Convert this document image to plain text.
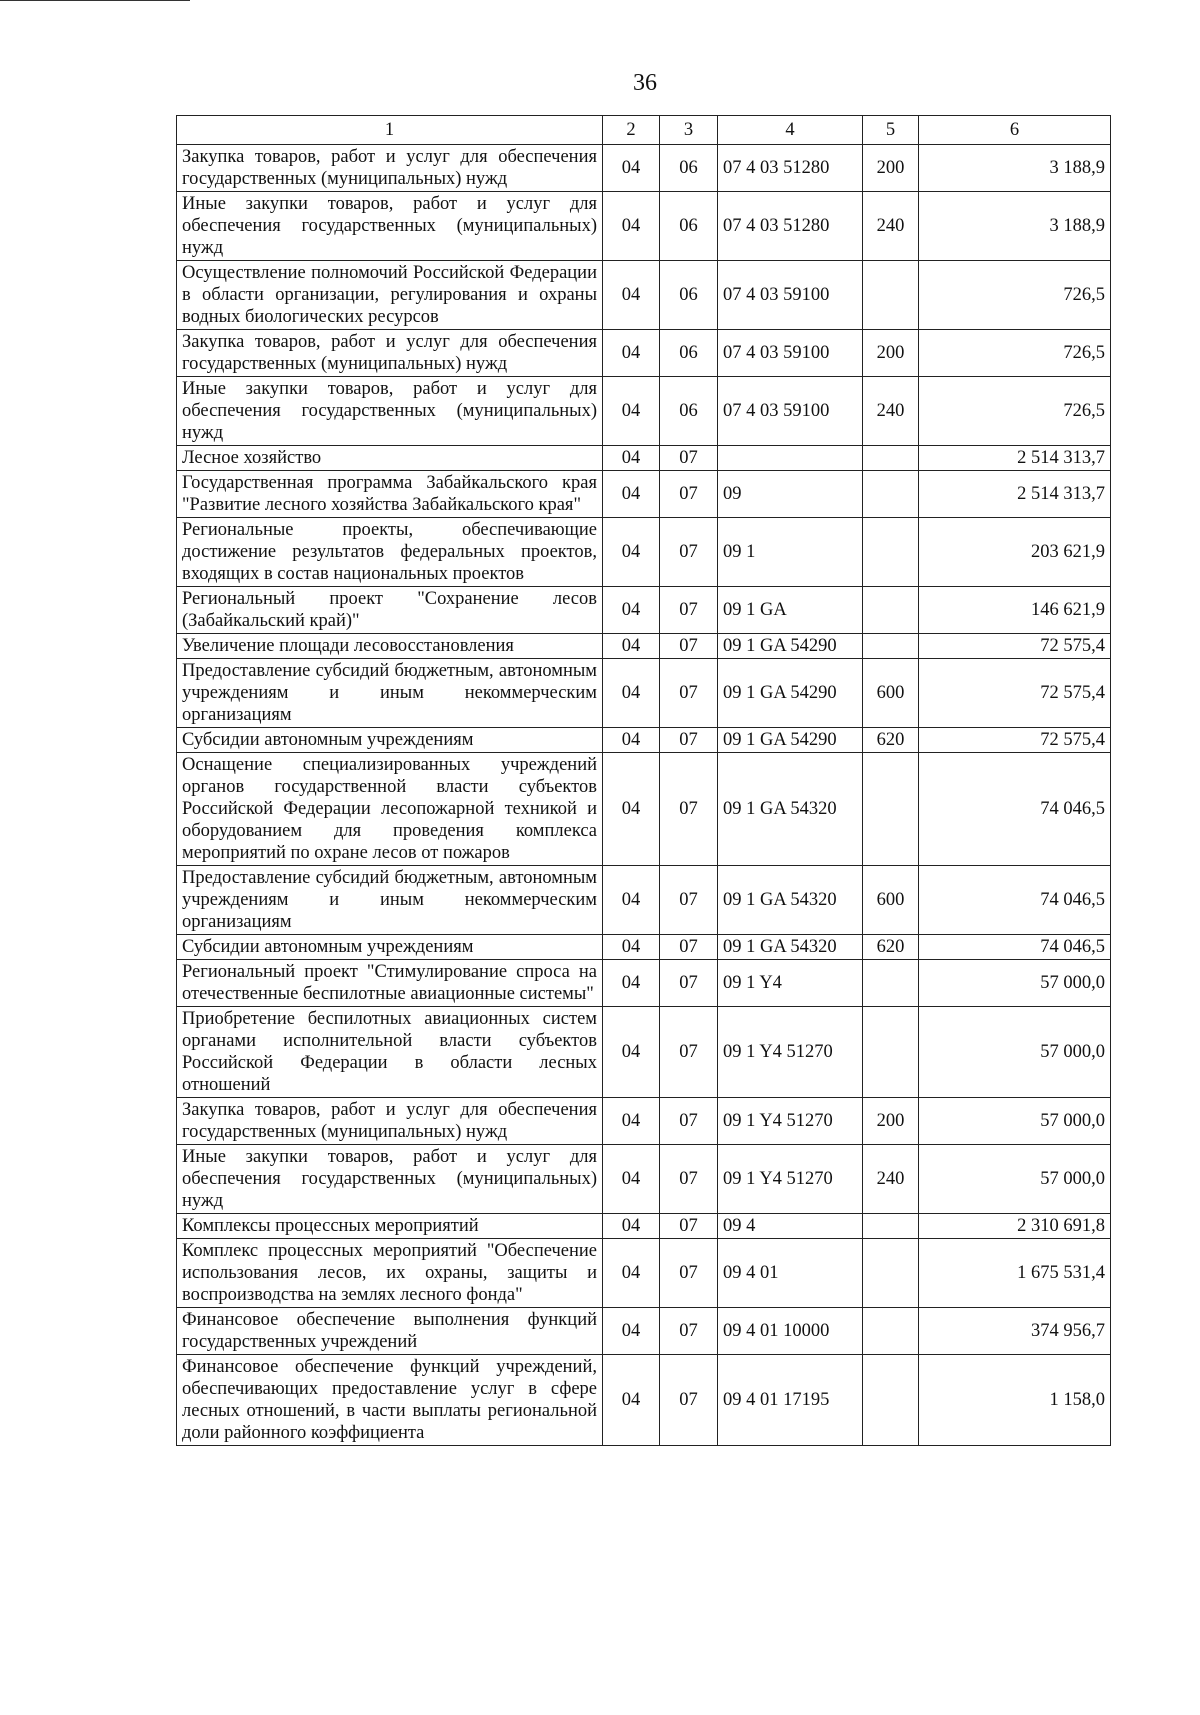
36
1	2	3	4	5	6
Закупка товаров, работ и услуг для обеспечения государственных (муниципальных) нужд	04	06	07 4 03 51280	200	3 188,9
Иные закупки товаров, работ и услуг для обеспечения государственных (муниципальных) нужд	04	06	07 4 03 51280	240	3 188,9
Осуществление полномочий Российской Федерации в области организации, регулирования и охраны водных биологических ресурсов	04	06	07 4 03 59100		726,5
Закупка товаров, работ и услуг для обеспечения государственных (муниципальных) нужд	04	06	07 4 03 59100	200	726,5
Иные закупки товаров, работ и услуг для обеспечения государственных (муниципальных) нужд	04	06	07 4 03 59100	240	726,5
Лесное хозяйство	04	07			2 514 313,7
Государственная программа Забайкальского края "Развитие лесного хозяйства Забайкальского края"	04	07	09		2 514 313,7
Региональные проекты, обеспечивающие достижение результатов федеральных проектов, входящих в состав национальных проектов	04	07	09 1		203 621,9
Региональный проект "Сохранение лесов (Забайкальский край)"	04	07	09 1 GA		146 621,9
Увеличение площади лесовосстановления	04	07	09 1 GA 54290		72 575,4
Предоставление субсидий бюджетным, автономным учреждениям и иным некоммерческим организациям	04	07	09 1 GA 54290	600	72 575,4
Субсидии автономным учреждениям	04	07	09 1 GA 54290	620	72 575,4
Оснащение специализированных учреждений органов государственной власти субъектов Российской Федерации лесопожарной техникой и оборудованием для проведения комплекса мероприятий по охране лесов от пожаров	04	07	09 1 GA 54320		74 046,5
Предоставление субсидий бюджетным, автономным учреждениям и иным некоммерческим организациям	04	07	09 1 GA 54320	600	74 046,5
Субсидии автономным учреждениям	04	07	09 1 GA 54320	620	74 046,5
Региональный проект "Стимулирование спроса на отечественные беспилотные авиационные системы"	04	07	09 1 Y4		57 000,0
Приобретение беспилотных авиационных систем органами исполнительной власти субъектов Российской Федерации в области лесных отношений	04	07	09 1 Y4 51270		57 000,0
Закупка товаров, работ и услуг для обеспечения государственных (муниципальных) нужд	04	07	09 1 Y4 51270	200	57 000,0
Иные закупки товаров, работ и услуг для обеспечения государственных (муниципальных) нужд	04	07	09 1 Y4 51270	240	57 000,0
Комплексы процессных мероприятий	04	07	09 4		2 310 691,8
Комплекс процессных мероприятий "Обеспечение использования лесов, их охраны, защиты и воспроизводства на землях лесного фонда"	04	07	09 4 01		1 675 531,4
Финансовое обеспечение выполнения функций государственных учреждений	04	07	09 4 01 10000		374 956,7
Финансовое обеспечение функций учреждений, обеспечивающих предоставление услуг в сфере лесных отношений, в части выплаты региональной доли районного коэффициента	04	07	09 4 01 17195		1 158,0
